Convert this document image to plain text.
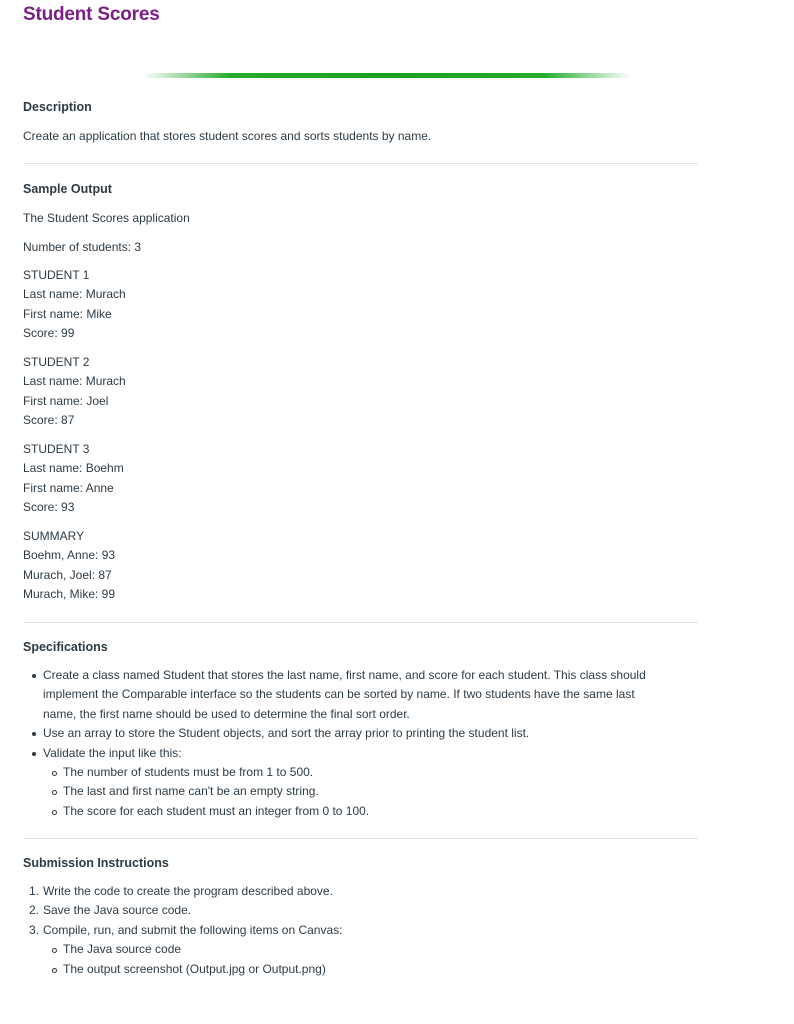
Student Scores
Description
Create an application that stores student scores and sorts students by name.
Sample Output
The Student Scores application
Number of students: 3
STUDENT 1
Last name: Murach
First name: Mike
Score: 99
STUDENT 2
Last name: Murach
First name: Joel
Score: 87
STUDENT 3
Last name: Boehm
First name: Anne
Score: 93
SUMMARY
Boehm, Anne: 93
Murach, Joel: 87
Murach, Mike: 99
Specifications
Create a class named Student that stores the last name, first name, and score for each student. This class should
implement the Comparable interface so the students can be sorted by name. If two students have the same last
name, the first name should be used to determine the final sort order.
Use an array to store the Student objects, and sort the array prior to printing the student list.
Validate the input like this:
The number of students must be from 1 to 500.
The last and first name can't be an empty string.
The score for each student must an integer from 0 to 100.
Submission Instructions
1. Write the code to create the program described above.
2. Save the Java source code.
3. Compile, run, and submit the following items on Canvas:
The Java source code
The output screenshot (Output.jpg or Output.png)
